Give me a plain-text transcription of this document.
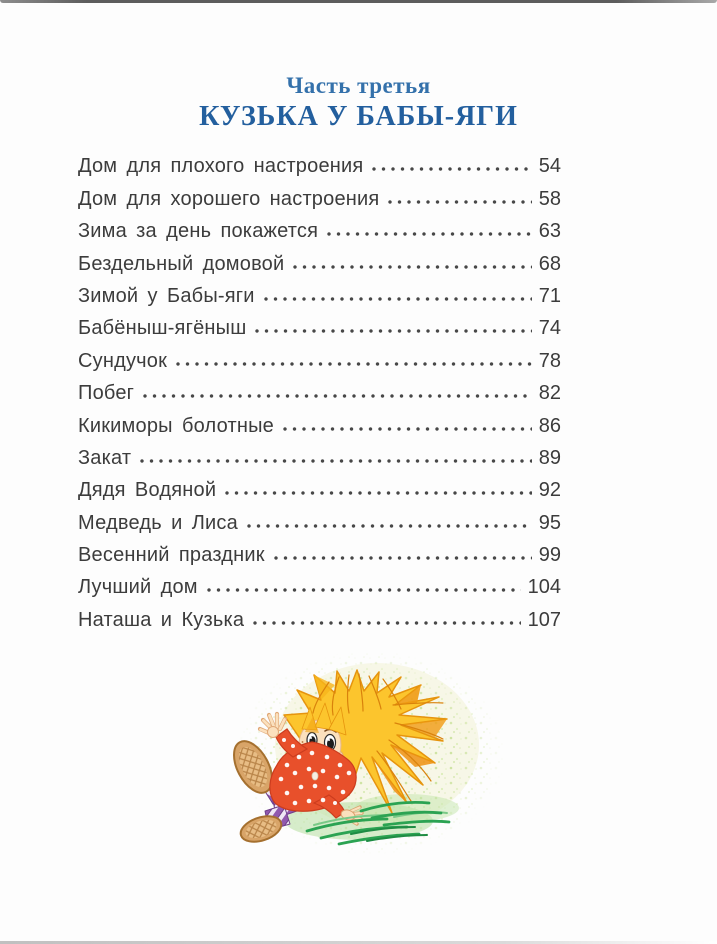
Часть третья
КУЗЬКА У БАБЫ-ЯГИ
Дом для плохого настроения	54
Дом для хорошего настроения	58
Зима за день покажется	63
Бездельный домовой	68
Зимой у Бабы-яги	71
Бабёныш-ягёныш	74
Сундучок	78
Побег	82
Кикиморы болотные	86
Закат	89
Дядя Водяной	92
Медведь и Лиса	95
Весенний праздник	99
Лучший дом	104
Наташа и Кузька	107
